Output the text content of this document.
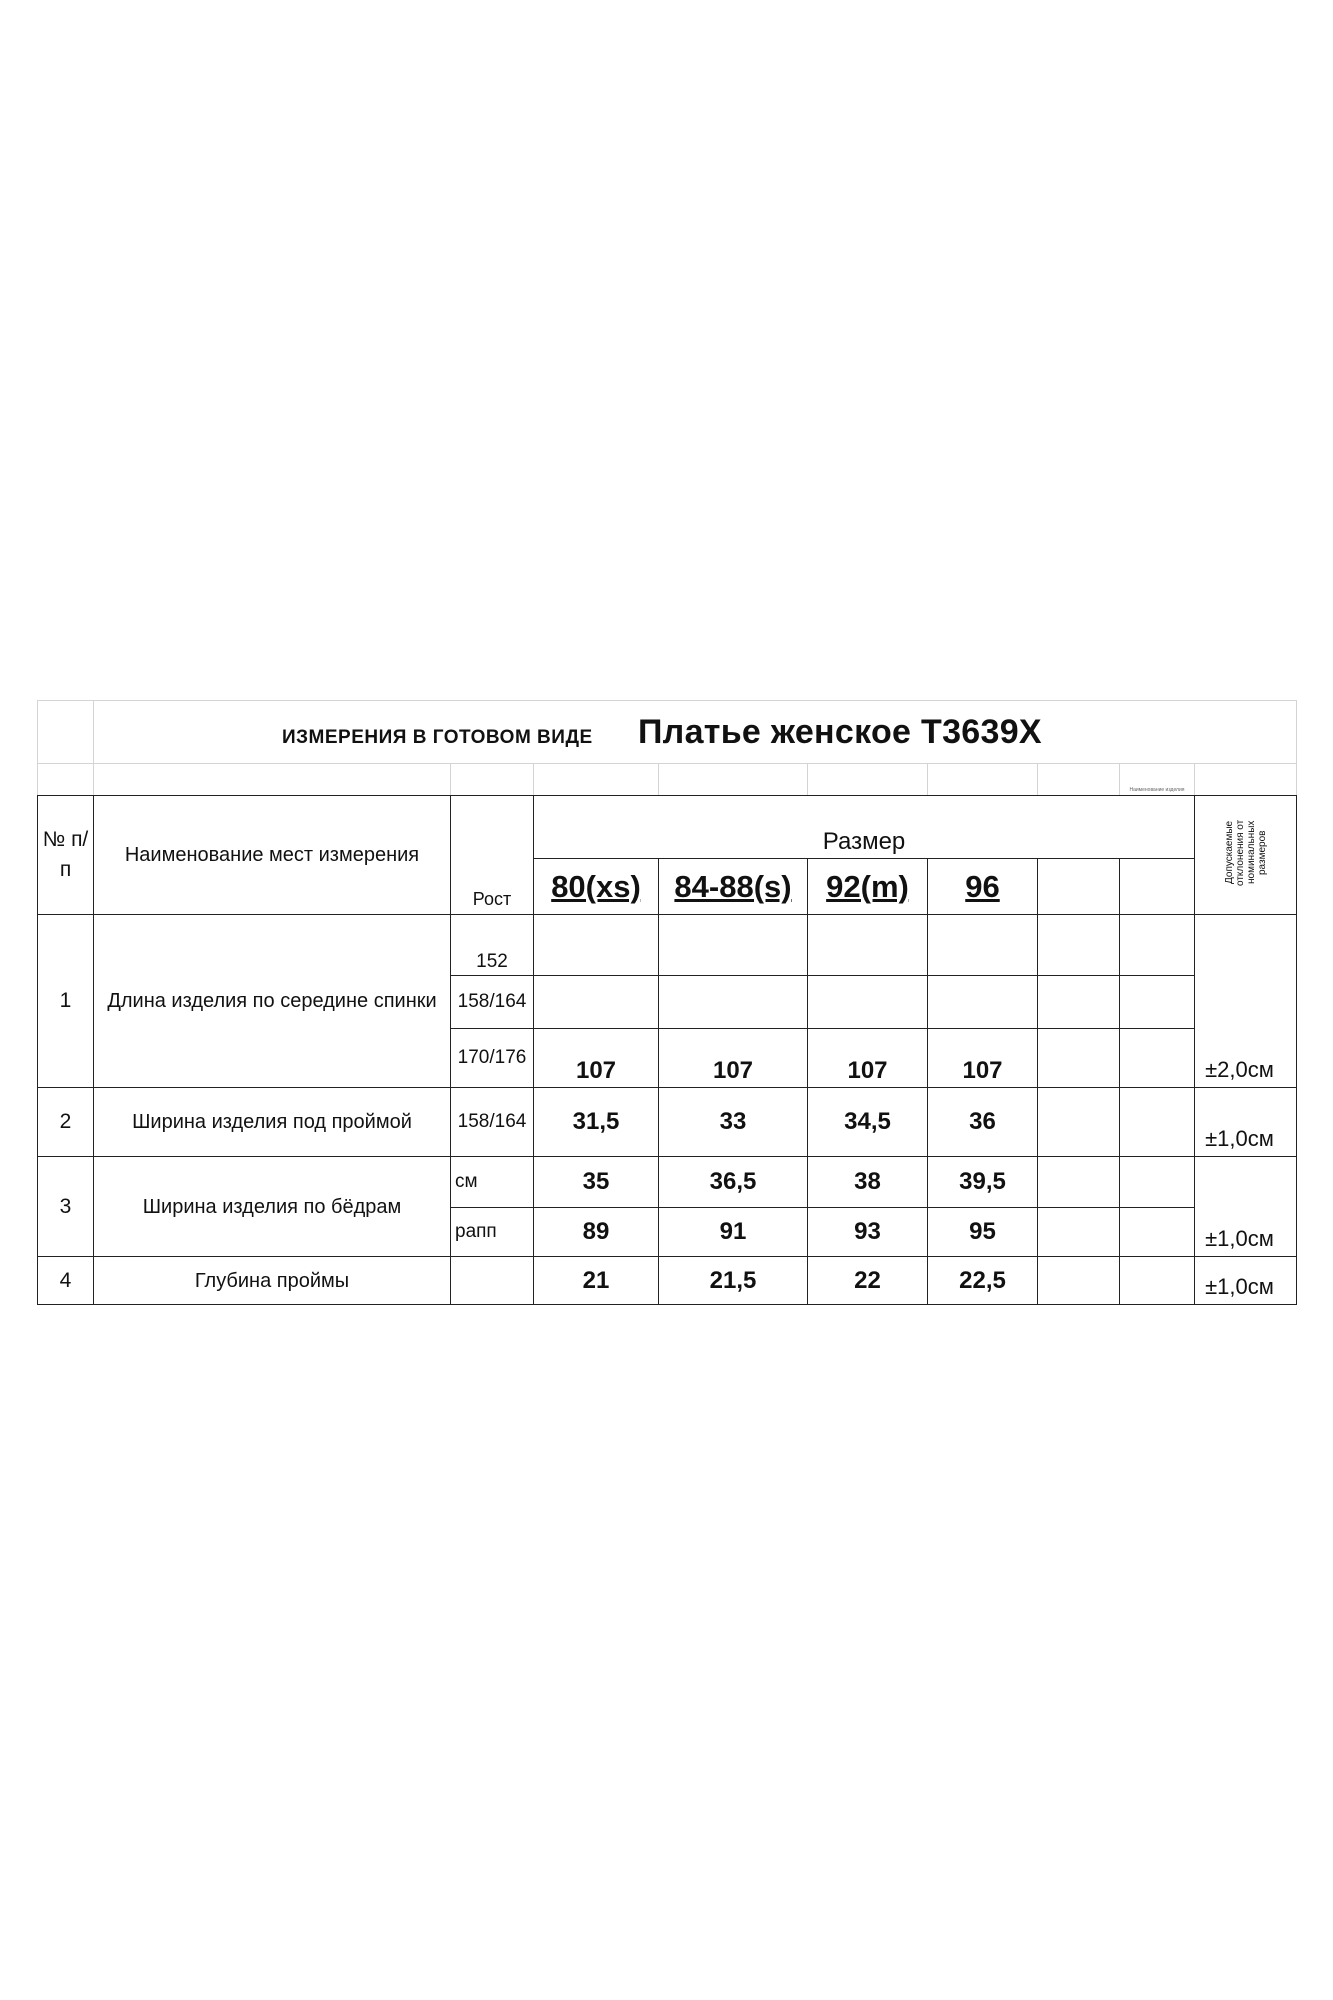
	ИЗМЕРЕНИЯ В ГОТОВОМ ВИДЕ Платье женское Т3639Х								
								Наименование изделия	
№ п/п	Наименование мест измерения	Рост	Размер						Допускаемые отклонения от номинальных размеров
			80(xs)	84-88(s)	92(m)	96			
1	Длина изделия по середине спинки	152							±2,0см
		158/164							
		170/176	107	107	107	107			
2	Ширина изделия под проймой	158/164	31,5	33	34,5	36			±1,0см
3	Ширина изделия по бёдрам	см	35	36,5	38	39,5			±1,0см
		рапп	89	91	93	95			
4	Глубина проймы		21	21,5	22	22,5			±1,0см
